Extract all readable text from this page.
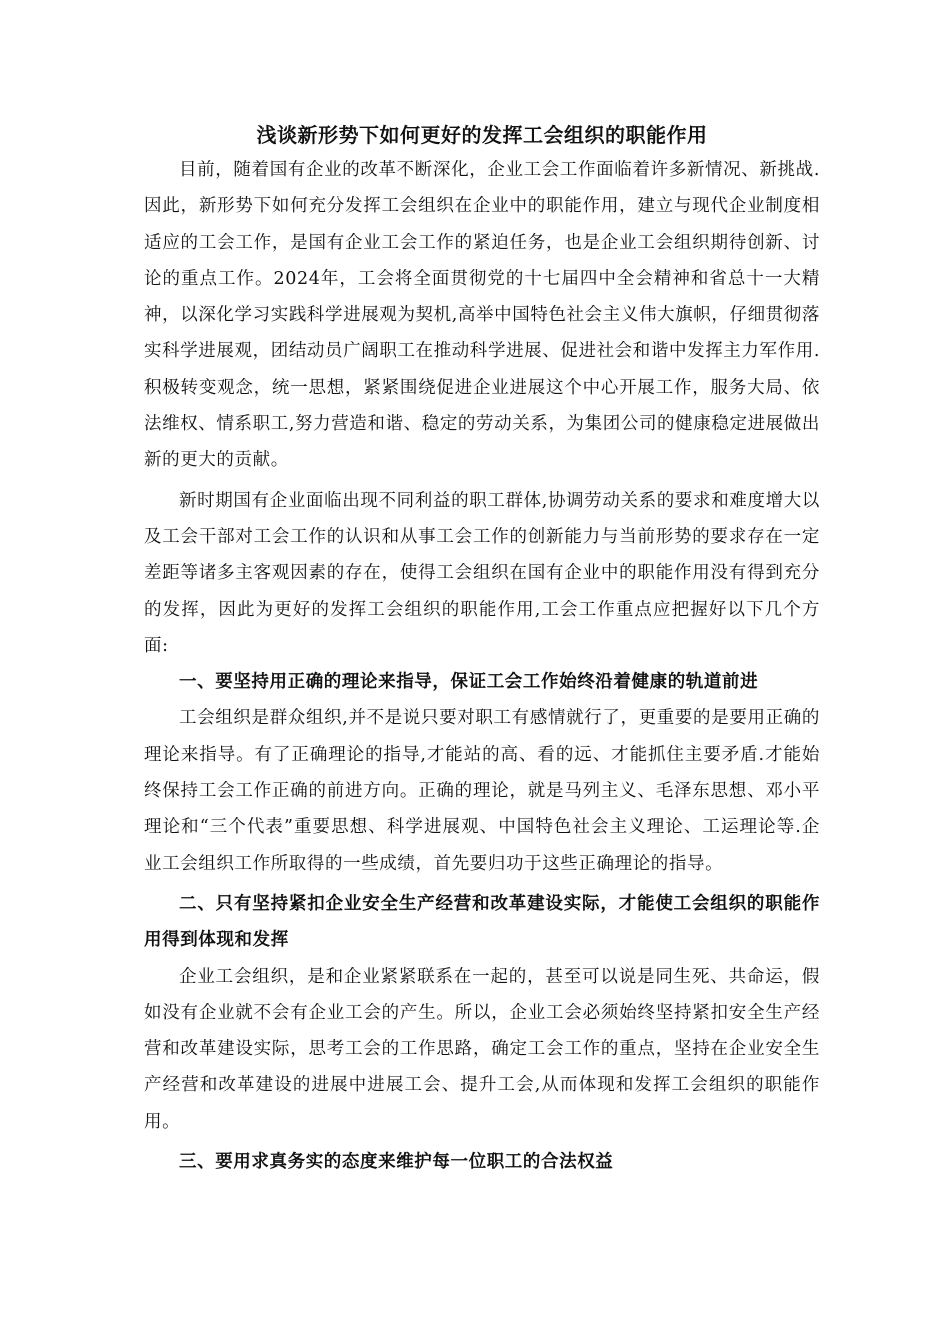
浅谈新形势下如何更好的发挥工会组织的职能作用

目前，随着国有企业的改革不断深化，企业工会工作面临着许多新情况、新挑战.因此，新形势下如何充分发挥工会组织在企业中的职能作用，建立与现代企业制度相适应的工会工作，是国有企业工会工作的紧迫任务，也是企业工会组织期待创新、讨论的重点工作。2024年，工会将全面贯彻党的十七届四中全会精神和省总十一大精神，以深化学习实践科学进展观为契机,高举中国特色社会主义伟大旗帜，仔细贯彻落实科学进展观，团结动员广阔职工在推动科学进展、促进社会和谐中发挥主力军作用.积极转变观念，统一思想，紧紧围绕促进企业进展这个中心开展工作，服务大局、依法维权、情系职工,努力营造和谐、稳定的劳动关系，为集团公司的健康稳定进展做出新的更大的贡献。

新时期国有企业面临出现不同利益的职工群体,协调劳动关系的要求和难度增大以及工会干部对工会工作的认识和从事工会工作的创新能力与当前形势的要求存在一定差距等诸多主客观因素的存在，使得工会组织在国有企业中的职能作用没有得到充分的发挥，因此为更好的发挥工会组织的职能作用,工会工作重点应把握好以下几个方面:

一、要坚持用正确的理论来指导，保证工会工作始终沿着健康的轨道前进

工会组织是群众组织,并不是说只要对职工有感情就行了，更重要的是要用正确的理论来指导。有了正确理论的指导,才能站的高、看的远、才能抓住主要矛盾.才能始终保持工会工作正确的前进方向。正确的理论，就是马列主义、毛泽东思想、邓小平理论和“三个代表”重要思想、科学进展观、中国特色社会主义理论、工运理论等.企业工会组织工作所取得的一些成绩，首先要归功于这些正确理论的指导。

二、只有坚持紧扣企业安全生产经营和改革建设实际，才能使工会组织的职能作用得到体现和发挥

企业工会组织，是和企业紧紧联系在一起的，甚至可以说是同生死、共命运，假如没有企业就不会有企业工会的产生。所以，企业工会必须始终坚持紧扣安全生产经营和改革建设实际，思考工会的工作思路，确定工会工作的重点，坚持在企业安全生产经营和改革建设的进展中进展工会、提升工会,从而体现和发挥工会组织的职能作用。

三、要用求真务实的态度来维护每一位职工的合法权益
